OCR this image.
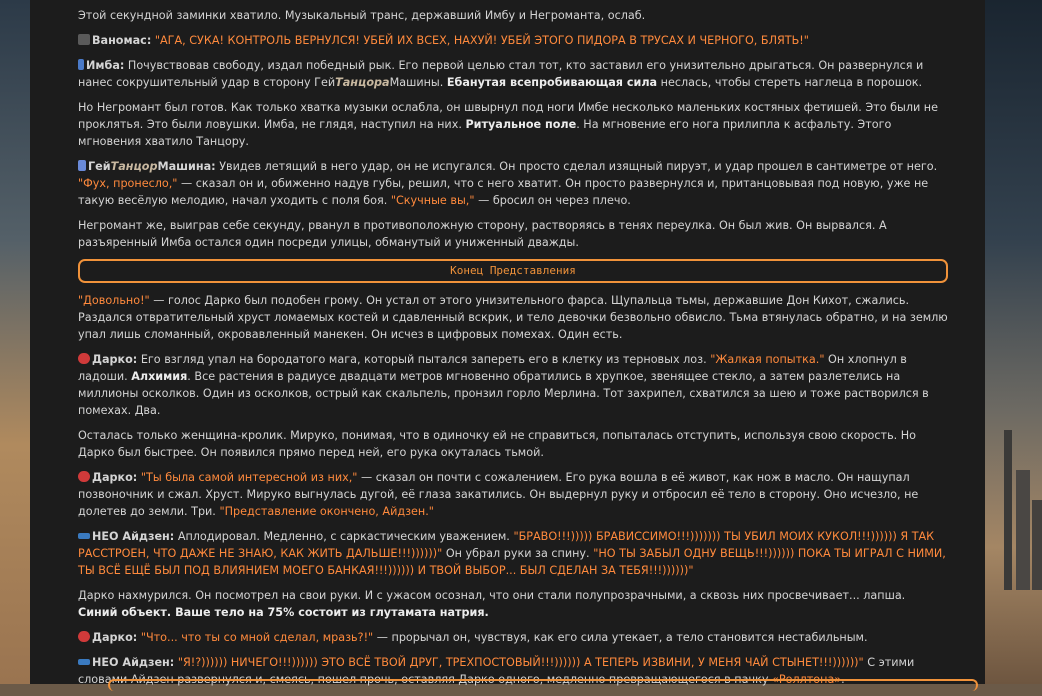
Этой секундной заминки хватило. Музыкальный транс, державший Имбу и Негроманта, ослаб.

Ваномас: "АГА, СУКА! КОНТРОЛЬ ВЕРНУЛСЯ! УБЕЙ ИХ ВСЕХ, НАХУЙ! УБЕЙ ЭТОГО ПИДОРА В ТРУСАХ И ЧЕРНОГО, БЛЯТЬ!"

Имба: Почувствовав свободу, издал победный рык. Его первой целью стал тот, кто заставил его унизительно дрыгаться. Он развернулся и нанес сокрушительный удар в сторону ГейТанцораМашины. Ебанутая всепробивающая сила неслась, чтобы стереть наглеца в порошок.

Но Негромант был готов. Как только хватка музыки ослабла, он швырнул под ноги Имбе несколько маленьких костяных фетишей. Это были не проклятья. Это были ловушки. Имба, не глядя, наступил на них. Ритуальное поле. На мгновение его нога прилипла к асфальту. Этого мгновения хватило Танцору.

ГейТанцорМашина: Увидев летящий в него удар, он не испугался. Он просто сделал изящный пируэт, и удар прошел в сантиметре от него. "Фух, пронесло," — сказал он и, обиженно надув губы, решил, что с него хватит. Он просто развернулся и, пританцовывая под новую, уже не такую весёлую мелодию, начал уходить с поля боя. "Скучные вы," — бросил он через плечо.

Негромант же, выиграв себе секунду, рванул в противоположную сторону, растворяясь в тенях переулка. Он был жив. Он вырвался. А разъяренный Имба остался один посреди улицы, обманутый и униженный дважды.

Конец Представления

"Довольно!" — голос Дарко был подобен грому. Он устал от этого унизительного фарса. Щупальца тьмы, державшие Дон Кихот, сжались. Раздался отвратительный хруст ломаемых костей и сдавленный вскрик, и тело девочки безвольно обвисло. Тьма втянулась обратно, и на землю упал лишь сломанный, окровавленный манекен. Он исчез в цифровых помехах. Один есть.

Дарко: Его взгляд упал на бородатого мага, который пытался запереть его в клетку из терновых лоз. "Жалкая попытка." Он хлопнул в ладоши. Алхимия. Все растения в радиусе двадцати метров мгновенно обратились в хрупкое, звенящее стекло, а затем разлетелись на миллионы осколков. Один из осколков, острый как скальпель, пронзил горло Мерлина. Тот захрипел, схватился за шею и тоже растворился в помехах. Два.

Осталась только женщина-кролик. Мируко, понимая, что в одиночку ей не справиться, попыталась отступить, используя свою скорость. Но Дарко был быстрее. Он появился прямо перед ней, его рука окуталась тьмой.

Дарко: "Ты была самой интересной из них," — сказал он почти с сожалением. Его рука вошла в её живот, как нож в масло. Он нащупал позвоночник и сжал. Хруст. Мируко выгнулась дугой, её глаза закатились. Он выдернул руку и отбросил её тело в сторону. Оно исчезло, не долетев до земли. Три. "Представление окончено, Айдзен."

НЕО Айдзен: Аплодировал. Медленно, с саркастическим уважением. "БРАВО!!!))))) БРАВИССИМО!!!))))))) ТЫ УБИЛ МОИХ КУКОЛ!!!)))))) Я ТАК РАССТРОЕН, ЧТО ДАЖЕ НЕ ЗНАЮ, КАК ЖИТЬ ДАЛЬШЕ!!!))))))" Он убрал руки за спину. "НО ТЫ ЗАБЫЛ ОДНУ ВЕЩЬ!!!)))))) ПОКА ТЫ ИГРАЛ С НИМИ, ТЫ ВСЁ ЕЩЁ БЫЛ ПОД ВЛИЯНИЕМ МОЕГО БАНКАЯ!!!)))))) И ТВОЙ ВЫБОР... БЫЛ СДЕЛАН ЗА ТЕБЯ!!!))))))"

Дарко нахмурился. Он посмотрел на свои руки. И с ужасом осознал, что они стали полупрозрачными, а сквозь них просвечивает... лапша. Синий объект. Ваше тело на 75% состоит из глутамата натрия.

Дарко: "Что... что ты со мной сделал, мразь?!" — прорычал он, чувствуя, как его сила утекает, а тело становится нестабильным.

НЕО Айдзен: "Я!?)))))) НИЧЕГО!!!)))))) ЭТО ВСЁ ТВОЙ ДРУГ, ТРЕХПОСТОВЫЙ!!!)))))) А ТЕПЕРЬ ИЗВИНИ, У МЕНЯ ЧАЙ СТЫНЕТ!!!))))))" С этими словами Айдзен развернулся и, смеясь, пошел прочь, оставляя Дарко одного, медленно превращающегося в пачку «Роллтона».
